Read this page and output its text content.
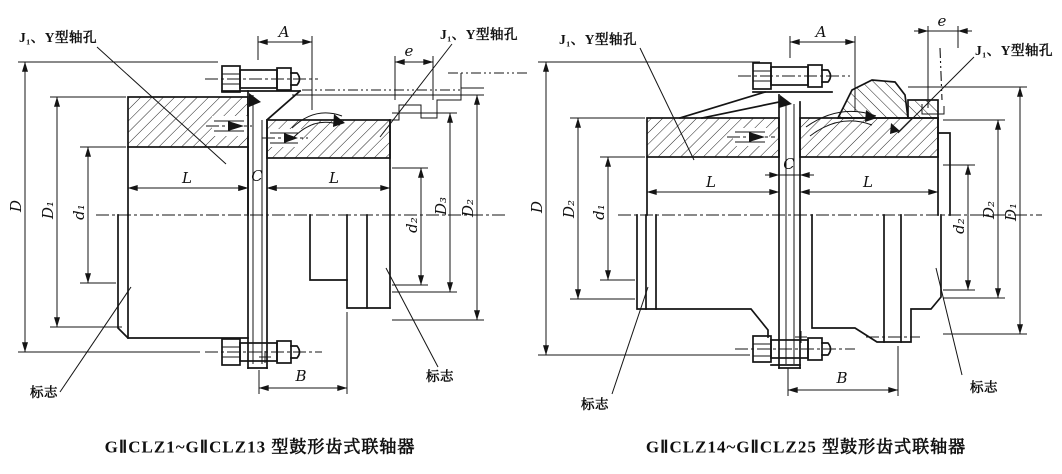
J₁、Y型轴孔	J₁、Y型轴孔
A
e
L	C	L
B
D D₁ d₁
d₂
D₃ D₂
标志
标志
GⅡCLZ1~GⅡCLZ13 型鼓形齿式联轴器
J₁、Y型轴孔
J₁、Y型轴孔
A
e
L
C
L
B
D D₂ d₁
d₂
D₂ D₁
标志
标志
GⅡCLZ14~GⅡCLZ25 型鼓形齿式联轴器
